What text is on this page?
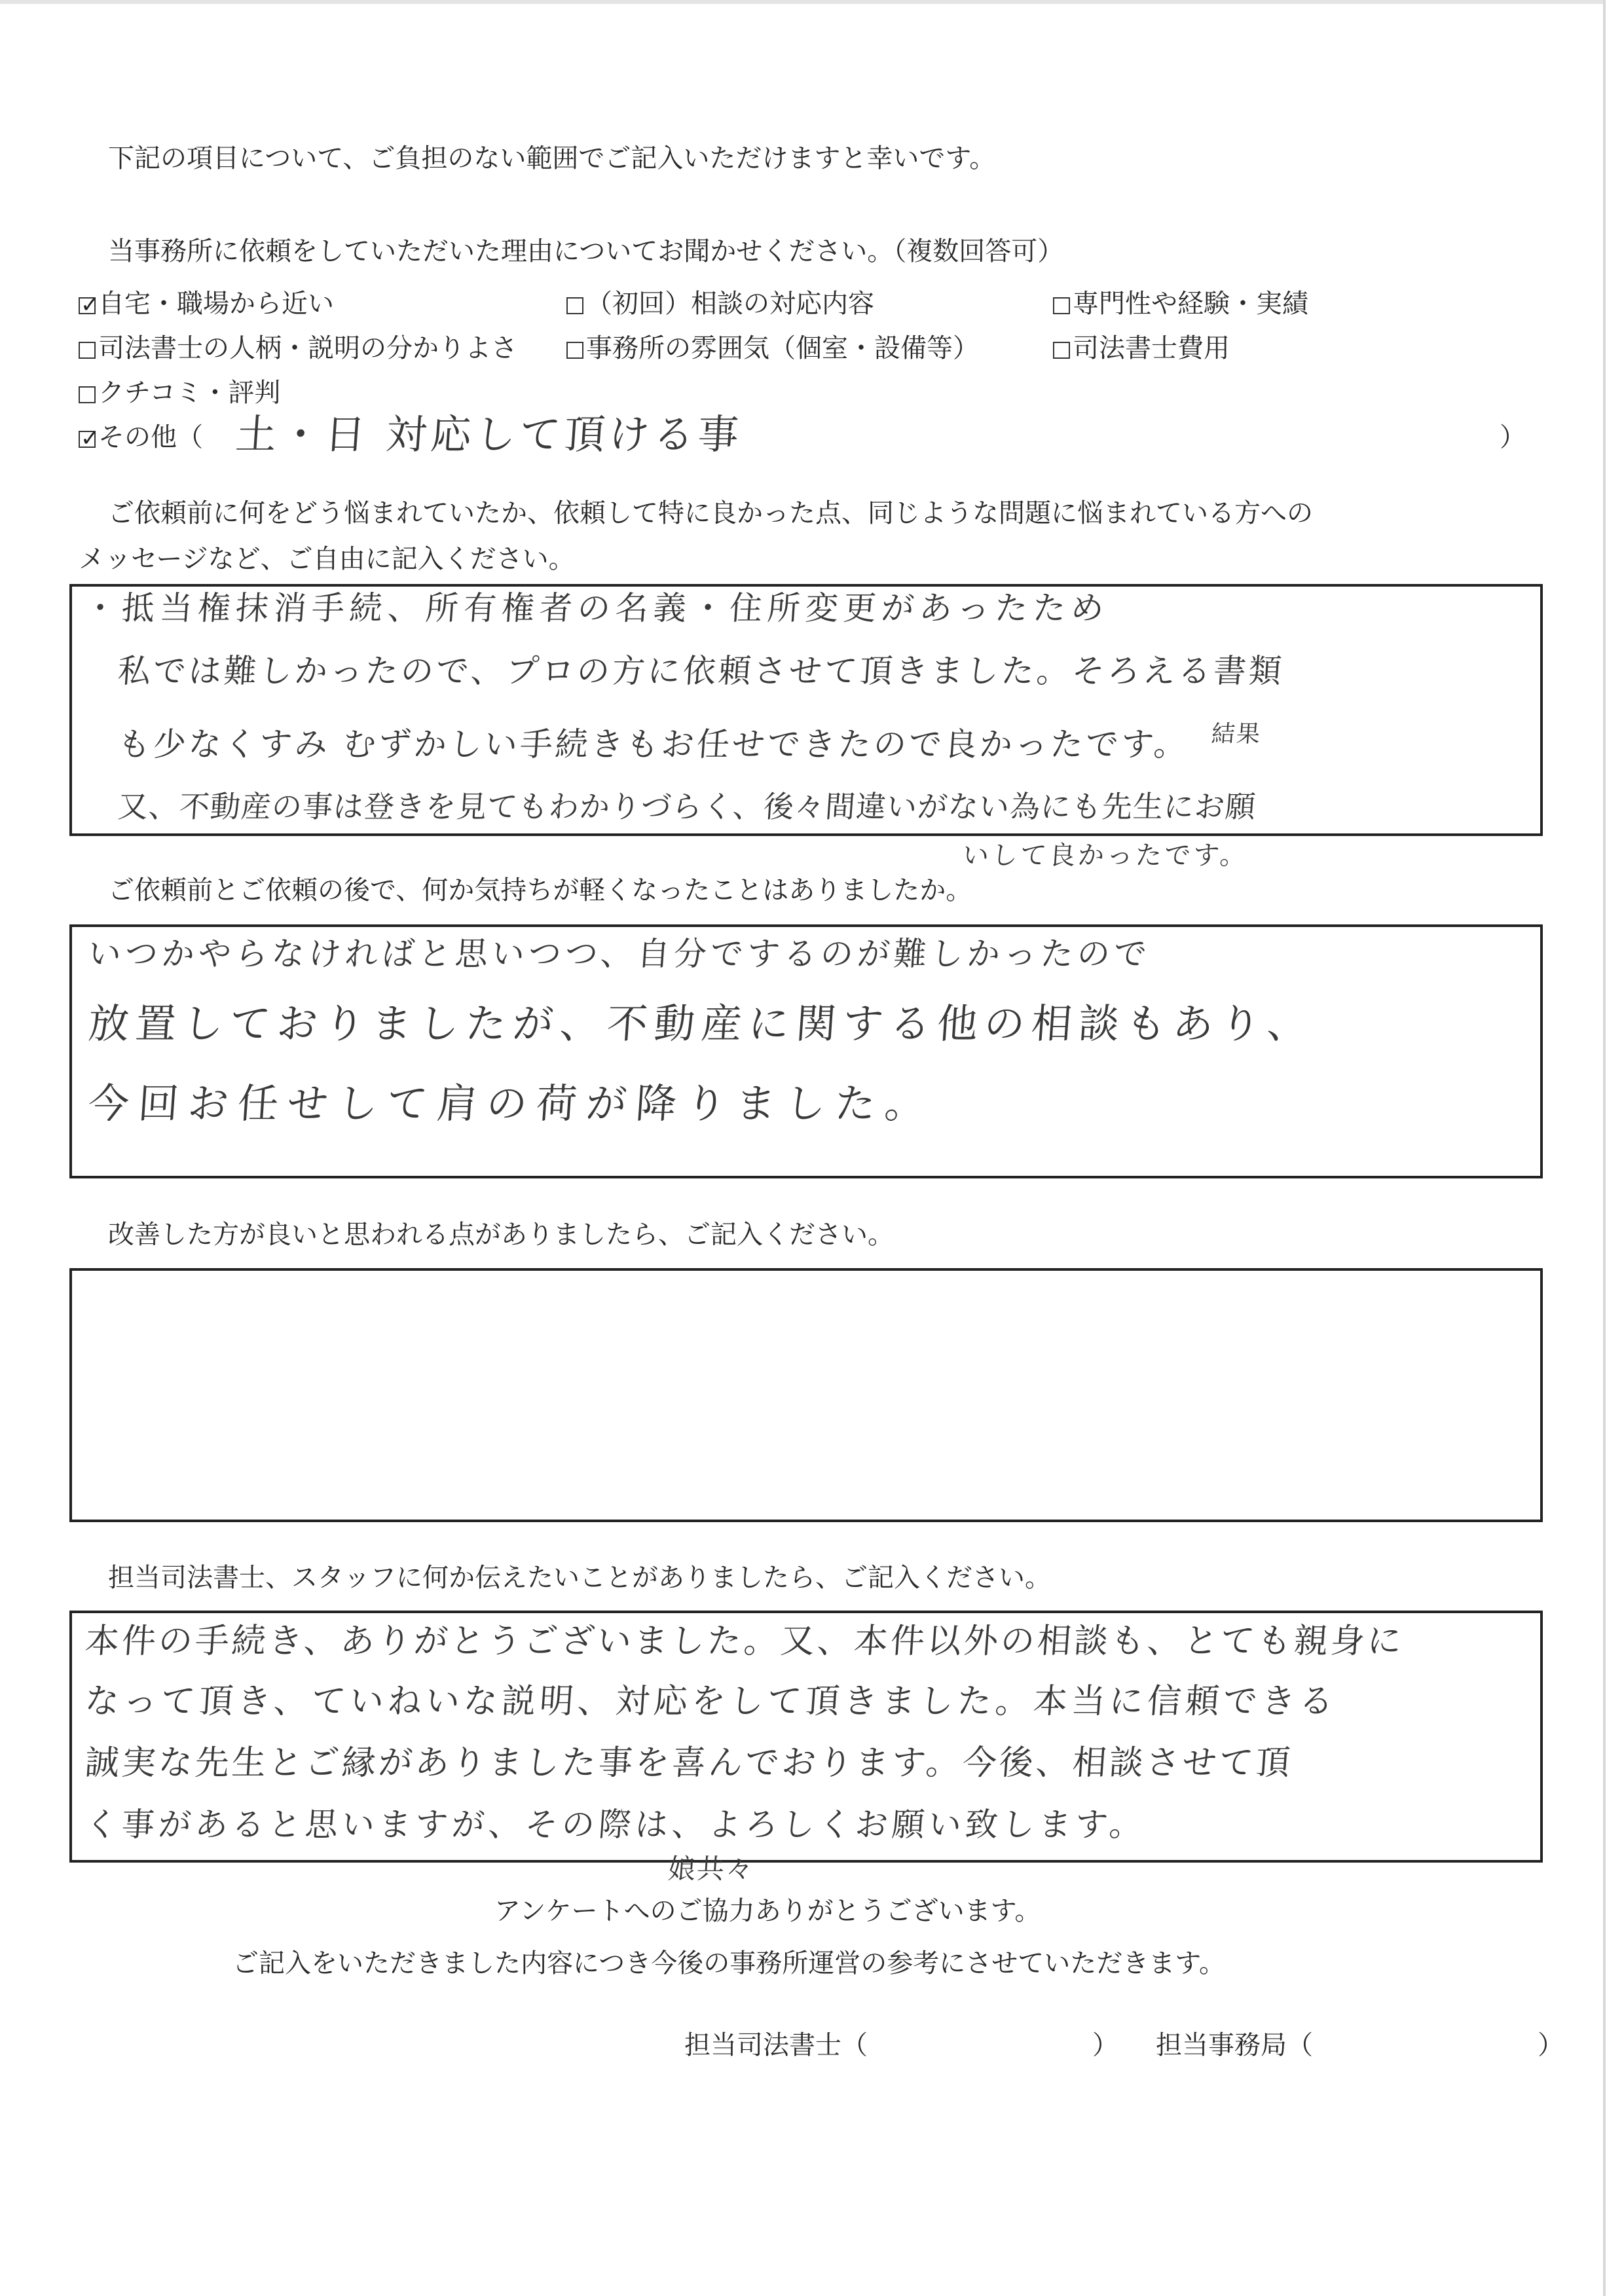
下記の項目について、ご負担のない範囲でご記入いただけますと幸いです。
当事務所に依頼をしていただいた理由についてお聞かせください。（複数回答可）
✓自宅・職場から近い	（初回）相談の対応内容	専門性や経験・実績
司法書士の人柄・説明の分かりよさ	事務所の雰囲気（個室・設備等）	司法書士費用
クチコミ・評判
✓その他（ 土・日 対応して頂ける事	）
ご依頼前に何をどう悩まれていたか、依頼して特に良かった点、同じような問題に悩まれている方への
メッセージなど、ご自由に記入ください。
・抵当権抹消手続、所有権者の名義・住所変更があったため
私では難しかったので、プロの方に依頼させて頂きました。そろえる書類
も少なくすみ むずかしい手続きもお任せできたので良かったです。 結果
又、不動産の事は登きを見てもわかりづらく、後々間違いがない為にも先生にお願
いして良かったです。
ご依頼前とご依頼の後で、何か気持ちが軽くなったことはありましたか。
いつかやらなければと思いつつ、自分でするのが難しかったので
放置しておりましたが、不動産に関する他の相談もあり、
今回お任せして肩の荷が降りました。
改善した方が良いと思われる点がありましたら、ご記入ください。
担当司法書士、スタッフに何か伝えたいことがありましたら、ご記入ください。
本件の手続き、ありがとうございました。又、本件以外の相談も、とても親身に
なって頂き、ていねいな説明、対応をして頂きました。本当に信頼できる
誠実な先生とご縁がありました事を喜んでおります。今後、相談させて頂
く事があると思いますが、その際は、よろしくお願い致します。
娘共々
アンケートへのご協力ありがとうございます。
ご記入をいただきました内容につき今後の事務所運営の参考にさせていただきます。
担当司法書士（	） 担当事務局（	）
